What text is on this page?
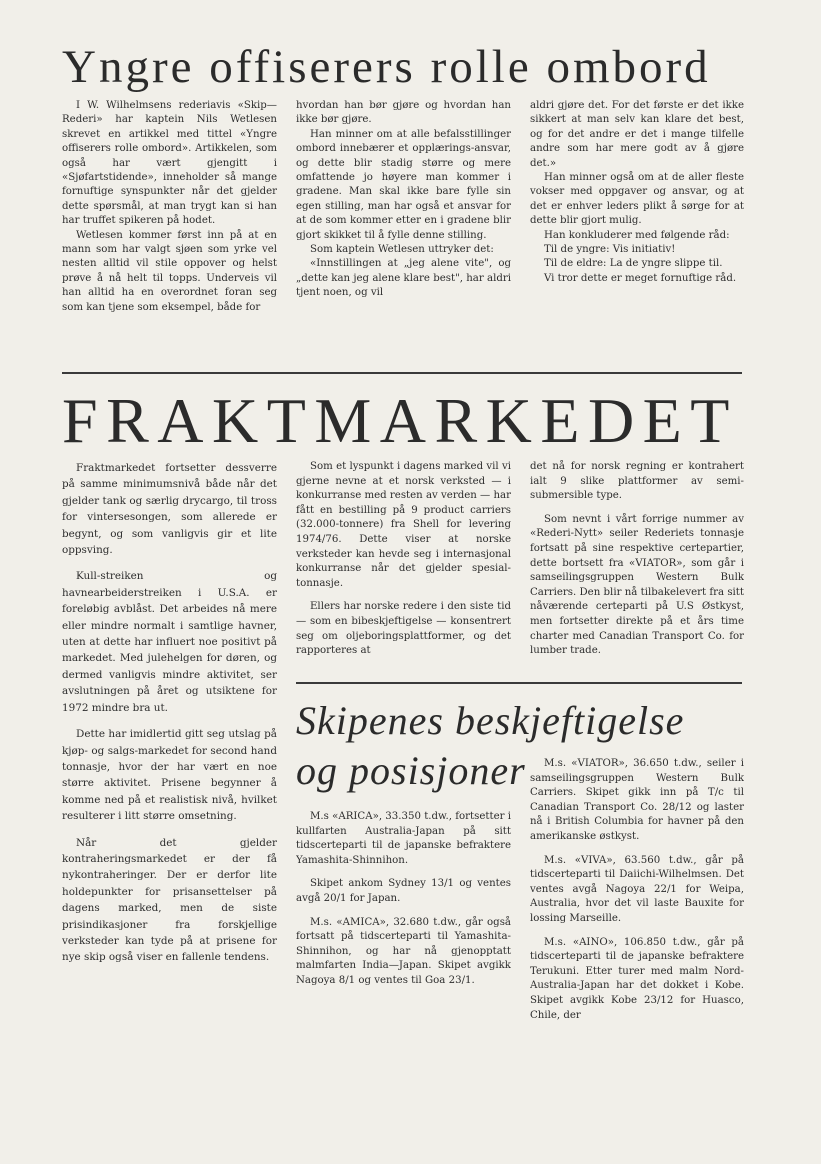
Yngre offiserers rolle ombord

I W. Wilhelmsens rederiavis «Skip—Rederi» har kaptein Nils Wetlesen skrevet en artikkel med tittel «Yngre offiserers rolle ombord». Artikkelen, som også har vært gjengitt i «Sjøfartstidende», inneholder så mange fornuftige synspunkter når det gjelder dette spørsmål, at man trygt kan si han har truffet spikeren på hodet.

Wetlesen kommer først inn på at en mann som har valgt sjøen som yrke vel nesten alltid vil stile oppover og helst prøve å nå helt til topps. Underveis vil han alltid ha en overordnet foran seg som kan tjene som eksempel, både for

hvordan han bør gjøre og hvordan han ikke bør gjøre.

Han minner om at alle befalsstillinger ombord innebærer et opplærings-ansvar, og dette blir stadig større og mere omfattende jo høyere man kommer i gradene. Man skal ikke bare fylle sin egen stilling, man har også et ansvar for at de som kommer etter en i gradene blir gjort skikket til å fylle denne stilling.

Som kaptein Wetlesen uttryker det:

«Innstillingen at „jeg alene vite", og „dette kan jeg alene klare best", har aldri tjent noen, og vil

aldri gjøre det. For det første er det ikke sikkert at man selv kan klare det best, og for det andre er det i mange tilfelle andre som har mere godt av å gjøre det.»

Han minner også om at de aller fleste vokser med oppgaver og ansvar, og at det er enhver leders plikt å sørge for at dette blir gjort mulig.

Han konkluderer med følgende råd:

Til de yngre: Vis initiativ!

Til de eldre: La de yngre slippe til.

Vi tror dette er meget fornuftige råd.

FRAKTMARKEDET

Fraktmarkedet fortsetter dessverre på samme minimumsnivå både når det gjelder tank og særlig drycargo, til tross for vintersesongen, som allerede er begynt, og som vanligvis gir et lite oppsving.

Kull-streiken og havnearbeiderstreiken i U.S.A. er foreløbig avblåst. Det arbeides nå mere eller mindre normalt i samtlige havner, uten at dette har influert noe positivt på markedet. Med julehelgen for døren, og dermed vanligvis mindre aktivitet, ser avslutningen på året og utsiktene for 1972 mindre bra ut.

Dette har imidlertid gitt seg utslag på kjøp- og salgs-markedet for second hand tonnasje, hvor der har vært en noe større aktivitet. Prisene begynner å komme ned på et realistisk nivå, hvilket resulterer i litt større omsetning.

Når det gjelder kontraheringsmarkedet er der få nykontraheringer. Der er derfor lite holdepunkter for prisansettelser på dagens marked, men de siste prisindikasjoner fra forskjellige verksteder kan tyde på at prisene for nye skip også viser en fallenle tendens.

Som et lyspunkt i dagens marked vil vi gjerne nevne at et norsk verksted — i konkurranse med resten av verden — har fått en bestilling på 9 product carriers (32.000-tonnere) fra Shell for levering 1974/76. Dette viser at norske verksteder kan hevde seg i internasjonal konkurranse når det gjelder spesial-tonnasje.

Ellers har norske redere i den siste tid — som en bibeskjeftigelse — konsentrert seg om oljeboringsplattformer, og det rapporteres at

det nå for norsk regning er kontrahert ialt 9 slike plattformer av semi-submersible type.

Som nevnt i vårt forrige nummer av «Rederi-Nytt» seiler Rederiets tonnasje fortsatt på sine respektive certepartier, dette bortsett fra «VIATOR», som går i samseilingsgruppen Western Bulk Carriers. Den blir nå tilbakelevert fra sitt nåværende certeparti på U.S Østkyst, men fortsetter direkte på et års time charter med Canadian Transport Co. for lumber trade.

Skipenes beskjeftigelse
og posisjoner

M.s «ARICA», 33.350 t.dw., fortsetter i kullfarten Australia-Japan på sitt tidscerteparti til de japanske befraktere Yamashita-Shinnihon.

Skipet ankom Sydney 13/1 og ventes avgå 20/1 for Japan.

M.s. «AMICA», 32.680 t.dw., går også fortsatt på tidscerteparti til Yamashita-Shinnihon, og har nå gjenopptatt malmfarten India—Japan. Skipet avgikk Nagoya 8/1 og ventes til Goa 23/1.

M.s. «VIATOR», 36.650 t.dw., seiler i samseilingsgruppen Western Bulk Carriers. Skipet gikk inn på T/c til Canadian Transport Co. 28/12 og laster nå i British Columbia for havner på den amerikanske østkyst.

M.s. «VIVA», 63.560 t.dw., går på tidscerteparti til Daiichi-Wilhelmsen. Det ventes avgå Nagoya 22/1 for Weipa, Australia, hvor det vil laste Bauxite for lossing Marseille.

M.s. «AINO», 106.850 t.dw., går på tidscerteparti til de japanske befraktere Terukuni. Etter turer med malm Nord-Australia-Japan har det dokket i Kobe. Skipet avgikk Kobe 23/12 for Huasco, Chile, der
